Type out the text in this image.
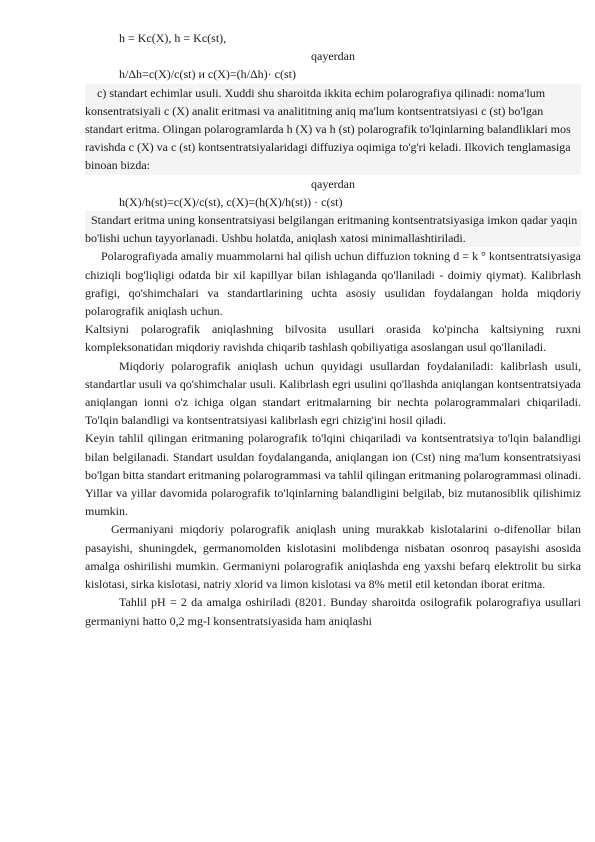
h = Kc(X), h = Kc(st),

qayerdan

h/Δh=c(X)/c(st) и c(X)=(h/Δh)· c(st)

c) standart echimlar usuli. Xuddi shu sharoitda ikkita echim polarografiya qilinadi: noma'lum konsentratsiyali c (X) analit eritmasi va analititning aniq ma'lum kontsentratsiyasi c (st) bo'lgan standart eritma. Olingan polarogramlarda h (X) va h (st) polarografik to'lqinlarning balandliklari mos ravishda c (X) va c (st) kontsentratsiyalaridagi diffuziya oqimiga to'g'ri keladi. Ilkovich tenglamasiga binoan bizda:

qayerdan

h(X)/h(st)=c(X)/c(st), c(X)=(h(X)/h(st)) · c(st)

Standart eritma uning konsentratsiyasi belgilangan eritmaning kontsentratsiyasiga imkon qadar yaqin bo'lishi uchun tayyorlanadi. Ushbu holatda, aniqlash xatosi minimallashtiriladi.

Polarografiyada amaliy muammolarni hal qilish uchun diffuzion tokning d = k ° kontsentratsiyasiga chiziqli bog'liqligi odatda bir xil kapillyar bilan ishlaganda qo'llaniladi - doimiy qiymat). Kalibrlash grafigi, qo'shimchalari va standartlarining uchta asosiy usulidan foydalangan holda miqdoriy polarografik aniqlash uchun.

Kaltsiyni polarografik aniqlashning bilvosita usullari orasida ko'pincha kaltsiyning ruxni kompleksonatidan miqdoriy ravishda chiqarib tashlash qobiliyatiga asoslangan usul qo'llaniladi.

Miqdoriy polarografik aniqlash uchun quyidagi usullardan foydalaniladi: kalibrlash usuli, standartlar usuli va qo'shimchalar usuli. Kalibrlash egri usulini qo'llashda aniqlangan kontsentratsiyada aniqlangan ionni o'z ichiga olgan standart eritmalarning bir nechta polarogrammalari chiqariladi. To'lqin balandligi va kontsentratsiyasi kalibrlash egri chizig'ini hosil qiladi.

Keyin tahlil qilingan eritmaning polarografik to'lqini chiqariladi va kontsentratsiya to'lqin balandligi bilan belgilanadi. Standart usuldan foydalanganda, aniqlangan ion (Cst) ning ma'lum konsentratsiyasi bo'lgan bitta standart eritmaning polarogrammasi va tahlil qilingan eritmaning polarogrammasi olinadi. Yillar va yillar davomida polarografik to'lqinlarning balandligini belgilab, biz mutanosiblik qilishimiz mumkin.

Germaniyani miqdoriy polarografik aniqlash uning murakkab kislotalarini o-difenollar bilan pasayishi, shuningdek, germanomolden kislotasini molibdenga nisbatan osonroq pasayishi asosida amalga oshirilishi mumkin. Germaniyni polarografik aniqlashda eng yaxshi befarq elektrolit bu sirka kislotasi, sirka kislotasi, natriy xlorid va limon kislotasi va 8% metil etil ketondan iborat eritma.

Tahlil pH = 2 da amalga oshiriladi (8201. Bunday sharoitda osilografik polarografiya usullari germaniyni hatto 0,2 mg-l konsentratsiyasida ham aniqlashi
